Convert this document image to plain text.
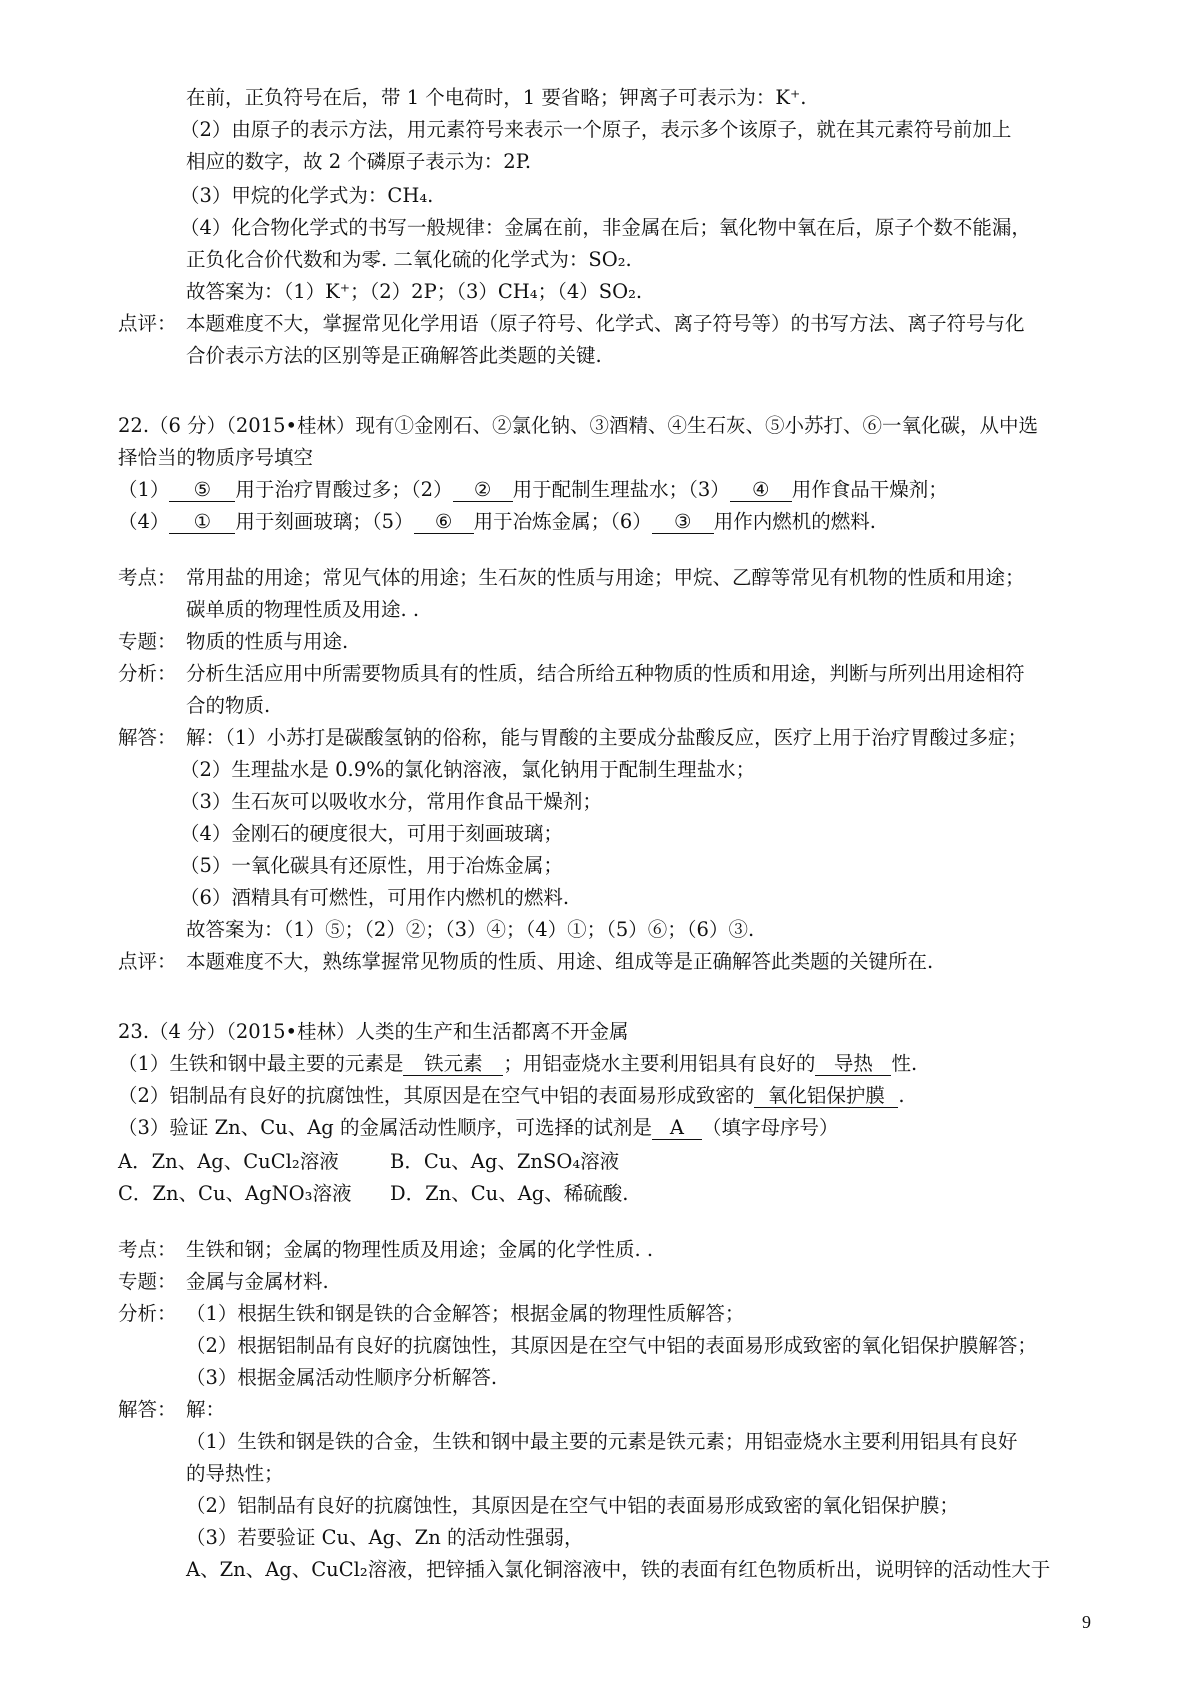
在前，正负符号在后，带 1 个电荷时，1 要省略；钾离子可表示为：K⁺.
（2）由原子的表示方法，用元素符号来表示一个原子，表示多个该原子，就在其元素符号前加上
相应的数字，故 2 个磷原子表示为：2P.
（3）甲烷的化学式为：CH₄.
（4）化合物化学式的书写一般规律：金属在前，非金属在后；氧化物中氧在后，原子个数不能漏，
正负化合价代数和为零. 二氧化硫的化学式为：SO₂.
故答案为：（1）K⁺；（2）2P；（3）CH₄；（4）SO₂.
点评： 本题难度不大，掌握常见化学用语（原子符号、化学式、离子符号等）的书写方法、离子符号与化
合价表示方法的区别等是正确解答此类题的关键.
22.（6 分）（2015•桂林）现有①金刚石、②氯化钠、③酒精、④生石灰、⑤小苏打、⑥一氧化碳，从中选
择恰当的物质序号填空
（1） ⑤ 用于治疗胃酸过多；（2） ② 用于配制生理盐水；（3） ④ 用作食品干燥剂；
（4） ① 用于刻画玻璃；（5） ⑥ 用于冶炼金属；（6） ③ 用作内燃机的燃料.
考点： 常用盐的用途；常见气体的用途；生石灰的性质与用途；甲烷、乙醇等常见有机物的性质和用途；
碳单质的物理性质及用途. .
专题： 物质的性质与用途.
分析： 分析生活应用中所需要物质具有的性质，结合所给五种物质的性质和用途，判断与所列出用途相符
合的物质.
解答： 解：（1）小苏打是碳酸氢钠的俗称，能与胃酸的主要成分盐酸反应，医疗上用于治疗胃酸过多症；
（2）生理盐水是 0.9%的氯化钠溶液，氯化钠用于配制生理盐水；
（3）生石灰可以吸收水分，常用作食品干燥剂；
（4）金刚石的硬度很大，可用于刻画玻璃；
（5）一氧化碳具有还原性，用于冶炼金属；
（6）酒精具有可燃性，可用作内燃机的燃料.
故答案为：（1）⑤；（2）②；（3）④；（4）①；（5）⑥；（6）③.
点评： 本题难度不大，熟练掌握常见物质的性质、用途、组成等是正确解答此类题的关键所在.
23.（4 分）（2015•桂林）人类的生产和生活都离不开金属
（1）生铁和钢中最主要的元素是 铁元素 ；用铝壶烧水主要利用铝具有良好的 导热 性.
（2）铝制品有良好的抗腐蚀性，其原因是在空气中铝的表面易形成致密的 氧化铝保护膜 .
（3）验证 Zn、Cu、Ag 的金属活动性顺序，可选择的试剂是 A （填字母序号）
A．Zn、Ag、CuCl₂溶液	B．Cu、Ag、ZnSO₄溶液
C．Zn、Cu、AgNO₃溶液 D．Zn、Cu、Ag、稀硫酸.
考点： 生铁和钢；金属的物理性质及用途；金属的化学性质. .
专题： 金属与金属材料.
分析： （1）根据生铁和钢是铁的合金解答；根据金属的物理性质解答；
（2）根据铝制品有良好的抗腐蚀性，其原因是在空气中铝的表面易形成致密的氧化铝保护膜解答；
（3）根据金属活动性顺序分析解答.
解答： 解：
（1）生铁和钢是铁的合金，生铁和钢中最主要的元素是铁元素；用铝壶烧水主要利用铝具有良好
的导热性；
（2）铝制品有良好的抗腐蚀性，其原因是在空气中铝的表面易形成致密的氧化铝保护膜；
（3）若要验证 Cu、Ag、Zn 的活动性强弱，
A、Zn、Ag、CuCl₂溶液，把锌插入氯化铜溶液中，铁的表面有红色物质析出，说明锌的活动性大于
9
